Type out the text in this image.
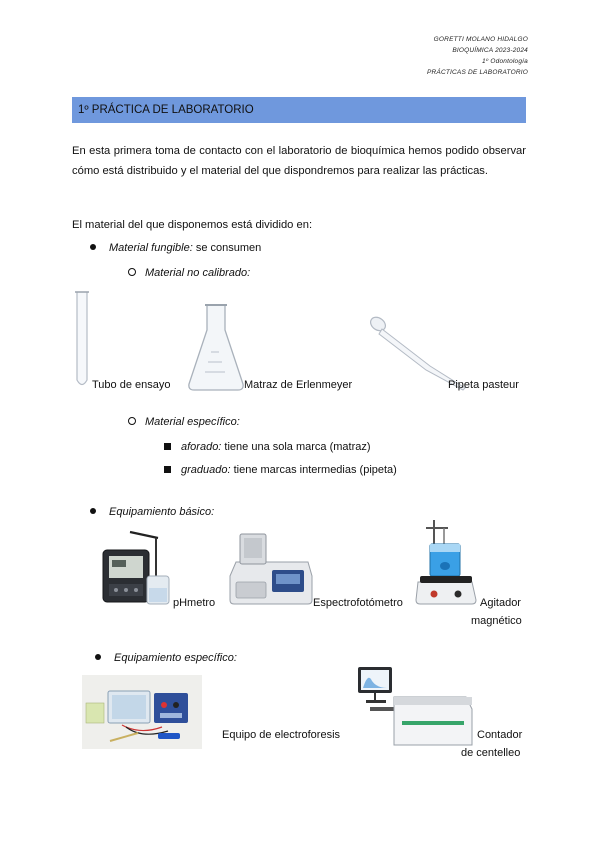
GORETTI MOLANO HIDALGO
BIOQUÍMICA 2023-2024
1º Odontología
PRÁCTICAS DE LABORATORIO
1º PRÁCTICA DE LABORATORIO
En esta primera toma de contacto con el laboratorio de bioquímica hemos podido observar cómo está distribuido y el material del que dispondremos para realizar las prácticas.
El material del que disponemos está dividido en:
Material fungible: se consumen
Material no calibrado:
Tubo de ensayo	Matraz de Erlenmeyer	Pipeta pasteur
Material específico:
aforado: tiene una sola marca (matraz)
graduado: tiene marcas intermedias (pipeta)
Equipamiento básico:
pHmetro	Espectrofotómetro	Agitador
magnético
Equipamiento específico:
Equipo de electroforesis	Contador
de centelleo
